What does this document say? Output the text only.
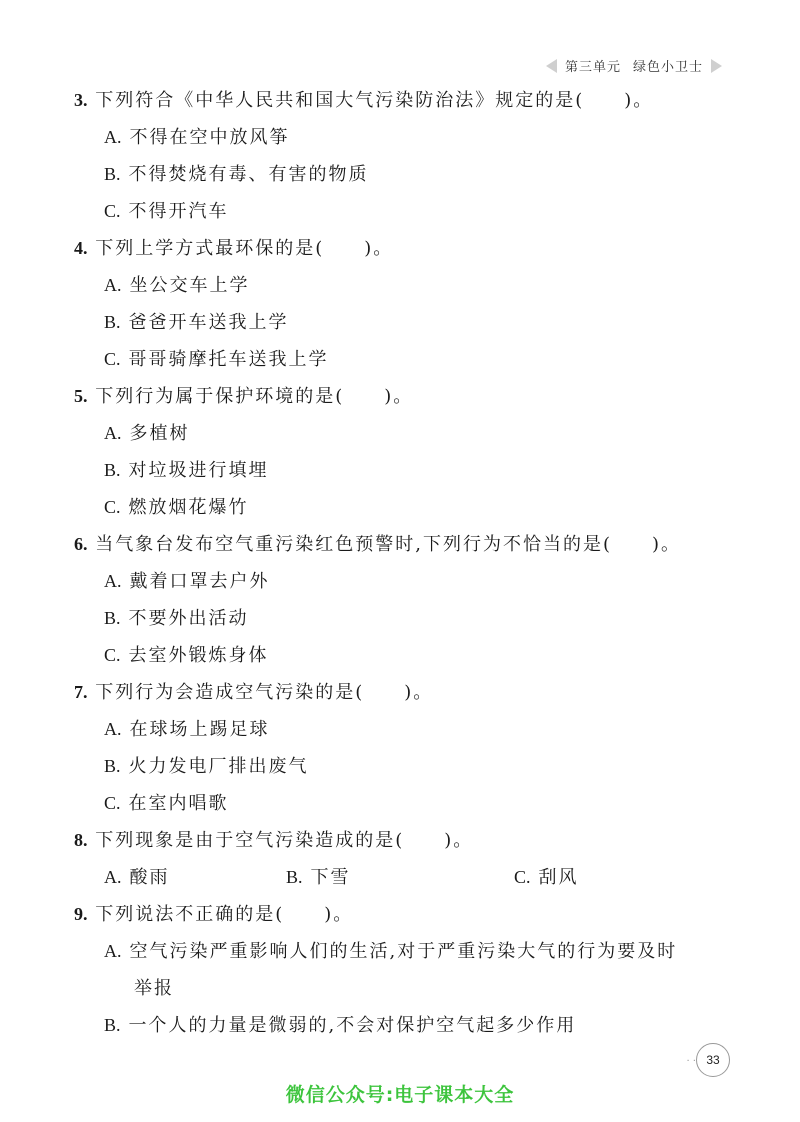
第三单元 绿色小卫士
3. 下列符合《中华人民共和国大气污染防治法》规定的是(　　)。
A. 不得在空中放风筝
B. 不得焚烧有毒、有害的物质
C. 不得开汽车
4. 下列上学方式最环保的是(　　)。
A. 坐公交车上学
B. 爸爸开车送我上学
C. 哥哥骑摩托车送我上学
5. 下列行为属于保护环境的是(　　)。
A. 多植树
B. 对垃圾进行填埋
C. 燃放烟花爆竹
6. 当气象台发布空气重污染红色预警时,下列行为不恰当的是(　　)。
A. 戴着口罩去户外
B. 不要外出活动
C. 去室外锻炼身体
7. 下列行为会造成空气污染的是(　　)。
A. 在球场上踢足球
B. 火力发电厂排出废气
C. 在室内唱歌
8. 下列现象是由于空气污染造成的是(　　)。
A. 酸雨	B. 下雪	C. 刮风
9. 下列说法不正确的是(　　)。
A. 空气污染严重影响人们的生活,对于严重污染大气的行为要及时
举报
B. 一个人的力量是微弱的,不会对保护空气起多少作用
· · 33
微信公众号:电子课本大全
